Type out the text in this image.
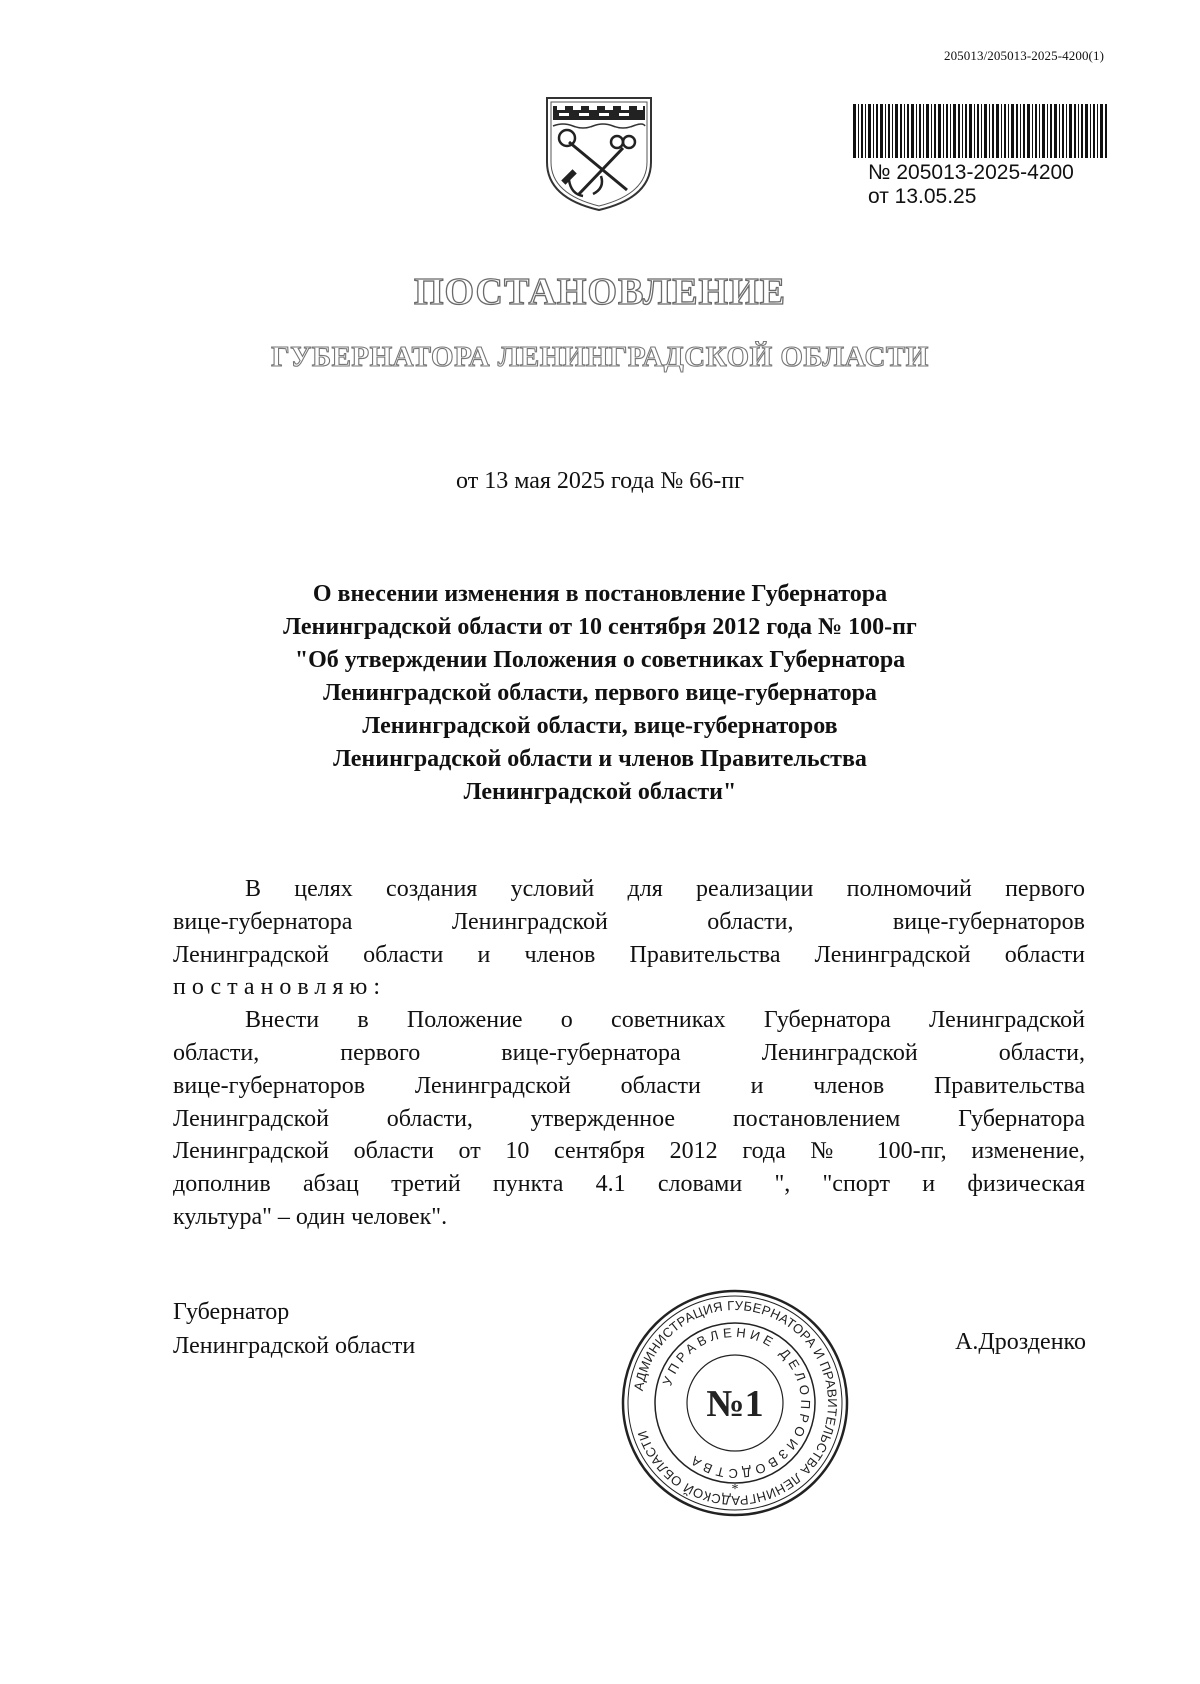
205013/205013-2025-4200(1)
№ 205013-2025-4200
от 13.05.25
ПОСТАНОВЛЕНИЕ
ГУБЕРНАТОРА ЛЕНИНГРАДСКОЙ ОБЛАСТИ
от 13 мая 2025 года № 66-пг
О внесении изменения в постановление Губернатора
Ленинградской области от 10 сентября 2012 года № 100-пг
"Об утверждении Положения о советниках Губернатора
Ленинградской области, первого вице-губернатора
Ленинградской области, вице-губернаторов
Ленинградской области и членов Правительства
Ленинградской области"
В целях создания условий для реализации полномочий первого
вице-губернатора Ленинградской области, вице-губернаторов
Ленинградской области и членов Правительства Ленинградской области
постановляю:
Внести в Положение о советниках Губернатора Ленинградской
области, первого вице-губернатора Ленинградской области,
вице-губернаторов Ленинградской области и членов Правительства
Ленинградской области, утвержденное постановлением Губернатора
Ленинградской области от 10 сентября 2012 года № 100-пг, изменение,
дополнив абзац третий пункта 4.1 словами ", "спорт и физическая
культура" – один человек".
Губернатор
Ленинградской области	А.Дрозденко
АДМИНИСТРАЦИЯ ГУБЕРНАТОРА И ПРАВИТЕЛЬСТВА ЛЕНИНГРАДСКОЙ ОБЛАСТИ
УПРАВЛЕНИЕ ДЕЛОПРОИЗВОДСТВА
№1
*
